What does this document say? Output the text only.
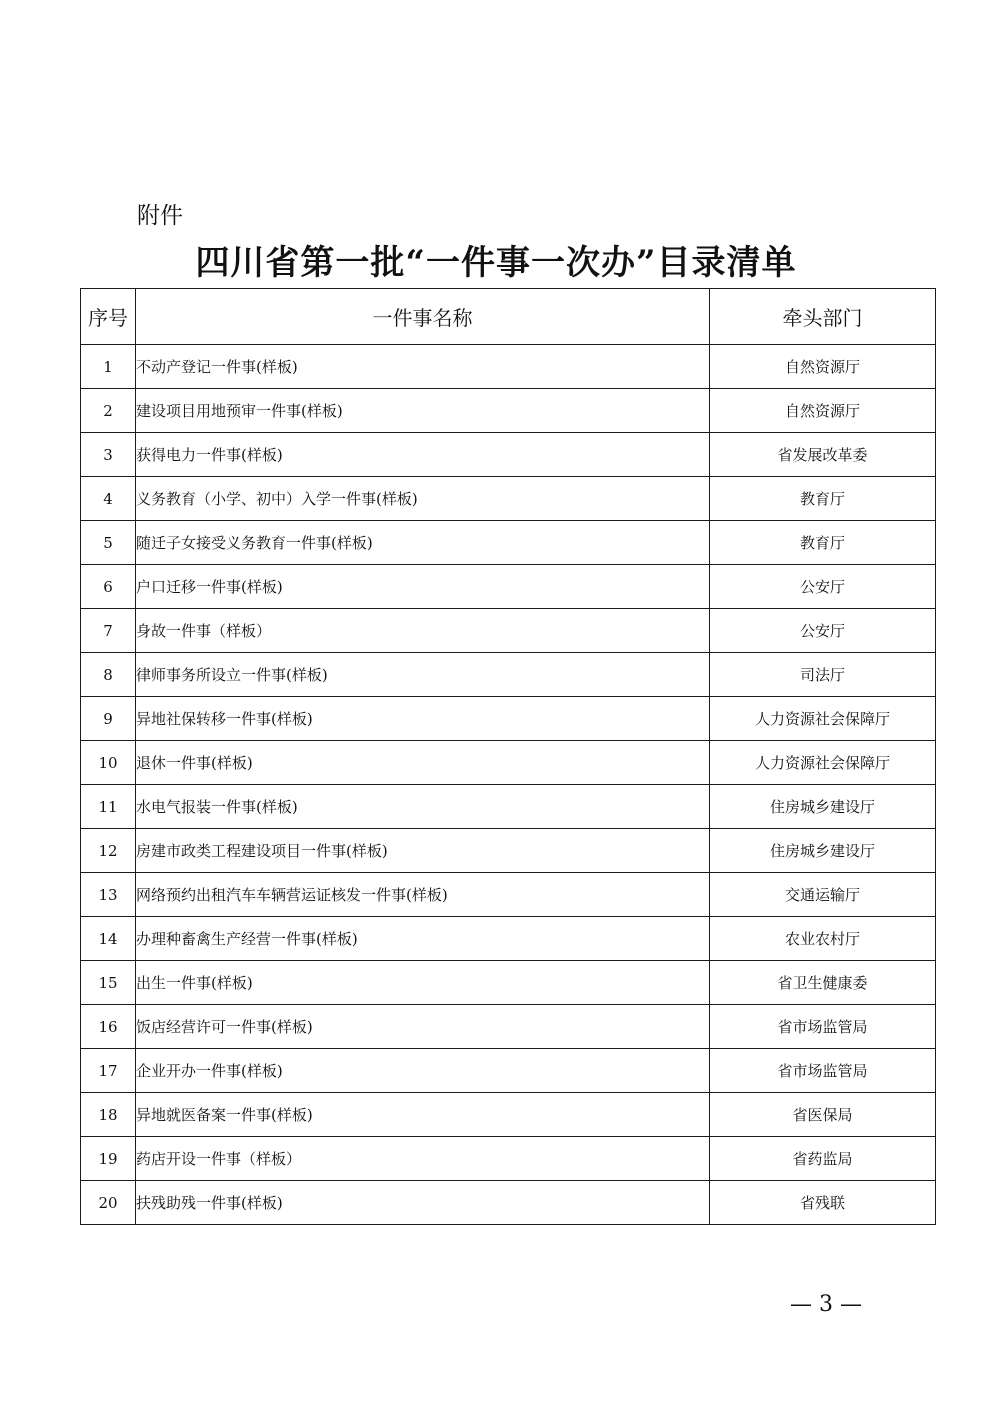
附件
四川省第一批“一件事一次办”目录清单
序号	一件事名称	牵头部门
1	不动产登记一件事(样板)	自然资源厅
2	建设项目用地预审一件事(样板)	自然资源厅
3	获得电力一件事(样板)	省发展改革委
4	义务教育（小学、初中）入学一件事(样板)	教育厅
5	随迁子女接受义务教育一件事(样板)	教育厅
6	户口迁移一件事(样板)	公安厅
7	身故一件事（样板）	公安厅
8	律师事务所设立一件事(样板)	司法厅
9	异地社保转移一件事(样板)	人力资源社会保障厅
10	退休一件事(样板)	人力资源社会保障厅
11	水电气报装一件事(样板)	住房城乡建设厅
12	房建市政类工程建设项目一件事(样板)	住房城乡建设厅
13	网络预约出租汽车车辆营运证核发一件事(样板)	交通运输厅
14	办理种畜禽生产经营一件事(样板)	农业农村厅
15	出生一件事(样板)	省卫生健康委
16	饭店经营许可一件事(样板)	省市场监管局
17	企业开办一件事(样板)	省市场监管局
18	异地就医备案一件事(样板)	省医保局
19	药店开设一件事（样板）	省药监局
20	扶残助残一件事(样板)	省残联
— 3 —
